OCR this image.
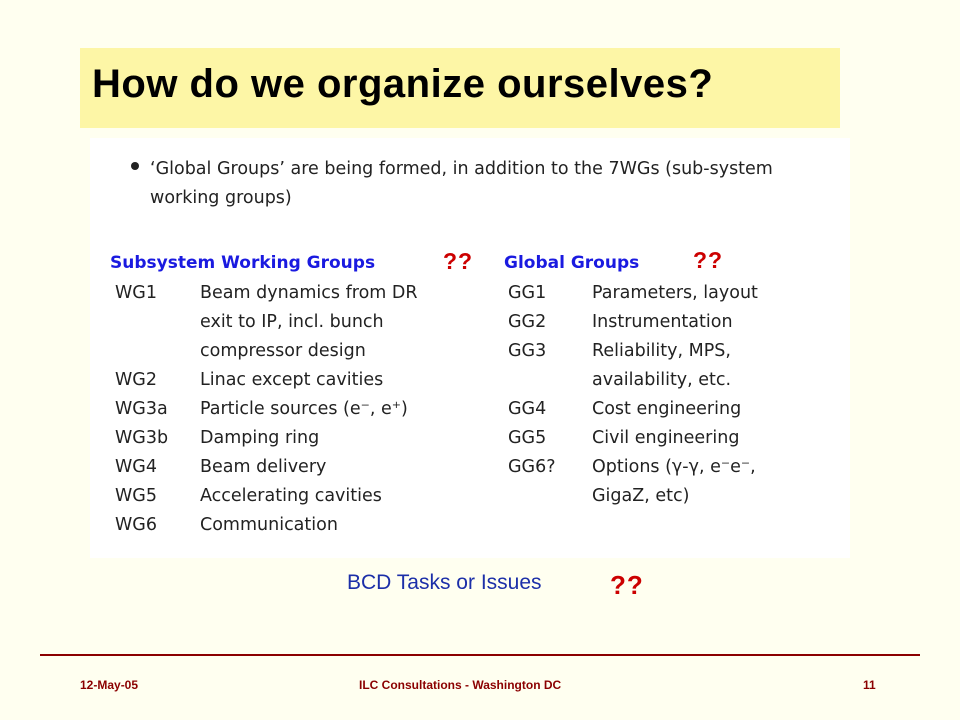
How do we organize ourselves?
‘Global Groups’ are being formed, in addition to the 7WGs (sub-system working groups)
Subsystem Working Groups	?? Global Groups ??
WG1 Beam dynamics from DR
exit to IP, incl. bunch
compressor design
WG2 Linac except cavities
WG3a Particle sources (e⁻, e⁺)
WG3b Damping ring
WG4 Beam delivery
WG5 Accelerating cavities
WG6 Communication
GG1	Parameters, layout
GG2	Instrumentation
GG3	Reliability, MPS,
availability, etc.
GG4	Cost engineering
GG5	Civil engineering
GG6? Options (γ-γ, e⁻e⁻,
GigaZ, etc)
BCD Tasks or Issues	??
12-May-05	ILC Consultations - Washington DC	11
